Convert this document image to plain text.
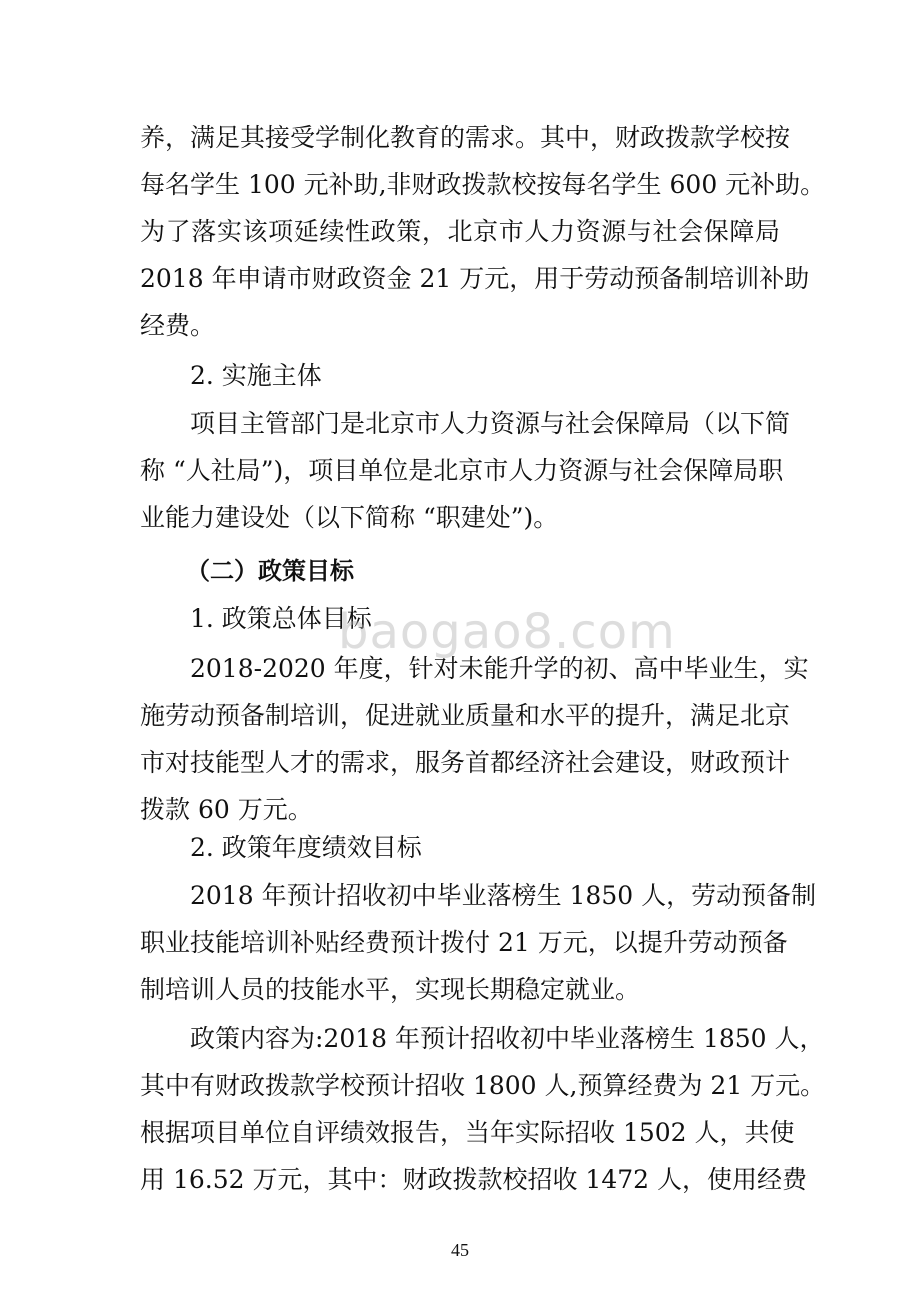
养，满足其接受学制化教育的需求。其中，财政拨款学校按
每名学生 100 元补助,非财政拨款校按每名学生 600 元补助。
为了落实该项延续性政策，北京市人力资源与社会保障局
2018 年申请市财政资金 21 万元，用于劳动预备制培训补助
经费。
2. 实施主体
项目主管部门是北京市人力资源与社会保障局（以下简
称 “人社局”)，项目单位是北京市人力资源与社会保障局职
业能力建设处（以下简称 “职建处”)。
（二）政策目标
1. 政策总体目标
baogao8.com
2018-2020 年度，针对未能升学的初、高中毕业生，实
施劳动预备制培训，促进就业质量和水平的提升，满足北京
市对技能型人才的需求，服务首都经济社会建设，财政预计
拨款 60 万元。
2. 政策年度绩效目标
2018 年预计招收初中毕业落榜生 1850 人，劳动预备制
职业技能培训补贴经费预计拨付 21 万元，以提升劳动预备
制培训人员的技能水平，实现长期稳定就业。
政策内容为:2018 年预计招收初中毕业落榜生 1850 人，
其中有财政拨款学校预计招收 1800 人,预算经费为 21 万元。
根据项目单位自评绩效报告，当年实际招收 1502 人，共使
用 16.52 万元，其中：财政拨款校招收 1472 人，使用经费
45
